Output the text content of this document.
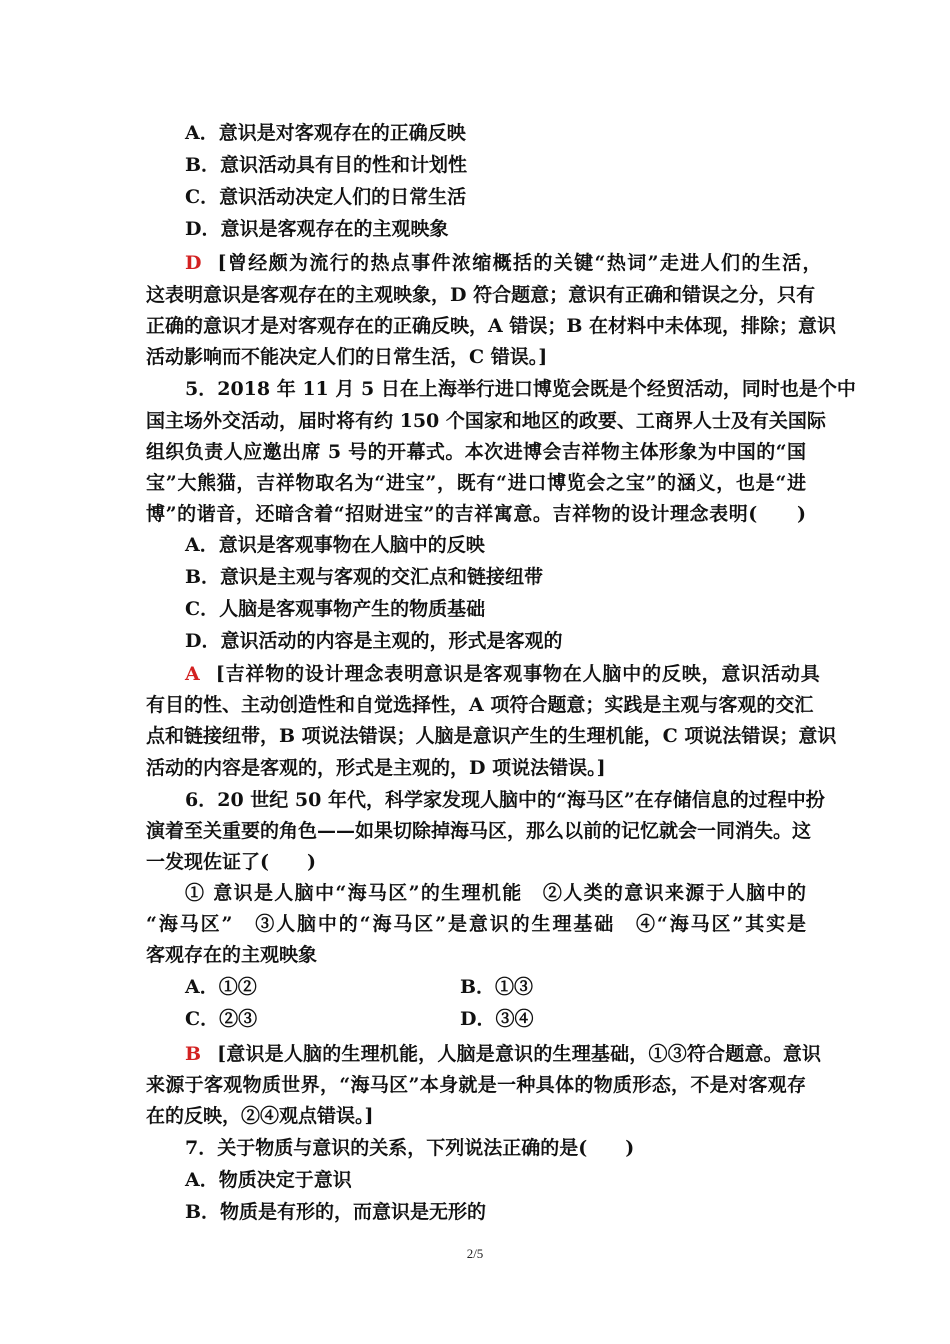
A．意识是对客观存在的正确反映
B．意识活动具有目的性和计划性
C．意识活动决定人们的日常生活
D．意识是客观存在的主观映象
D [曾经颇为流行的热点事件浓缩概括的关键“热词”走进人们的生活，
这表明意识是客观存在的主观映象，D 符合题意；意识有正确和错误之分，只有
正确的意识才是对客观存在的正确反映，A 错误；B 在材料中未体现，排除；意识
活动影响而不能决定人们的日常生活，C 错误。]
5．2018 年 11 月 5 日在上海举行进口博览会既是个经贸活动，同时也是个中
国主场外交活动，届时将有约 150 个国家和地区的政要、工商界人士及有关国际
组织负责人应邀出席 5 号的开幕式。本次进博会吉祥物主体形象为中国的“国
宝”大熊猫，吉祥物取名为“进宝”，既有“进口博览会之宝”的涵义，也是“进
博”的谐音，还暗含着“招财进宝”的吉祥寓意。吉祥物的设计理念表明(　　)
A．意识是客观事物在人脑中的反映
B．意识是主观与客观的交汇点和链接纽带
C．人脑是客观事物产生的物质基础
D．意识活动的内容是主观的，形式是客观的
A [吉祥物的设计理念表明意识是客观事物在人脑中的反映，意识活动具
有目的性、主动创造性和自觉选择性，A 项符合题意；实践是主观与客观的交汇
点和链接纽带，B 项说法错误；人脑是意识产生的生理机能，C 项说法错误；意识
活动的内容是客观的，形式是主观的，D 项说法错误。]
6．20 世纪 50 年代，科学家发现人脑中的“海马区”在存储信息的过程中扮
演着至关重要的角色——如果切除掉海马区，那么以前的记忆就会一同消失。这
一发现佐证了(　　)
① 意识是人脑中“海马区”的生理机能　②人类的意识来源于人脑中的
“海马区”　③人脑中的“海马区”是意识的生理基础　④“海马区”其实是
客观存在的主观映象
A．①②	B．①③
C．②③	D．③④
B [意识是人脑的生理机能，人脑是意识的生理基础，①③符合题意。意识
来源于客观物质世界，“海马区”本身就是一种具体的物质形态，不是对客观存
在的反映，②④观点错误。]
7．关于物质与意识的关系，下列说法正确的是(　　)
A．物质决定于意识
B．物质是有形的，而意识是无形的
2/5
